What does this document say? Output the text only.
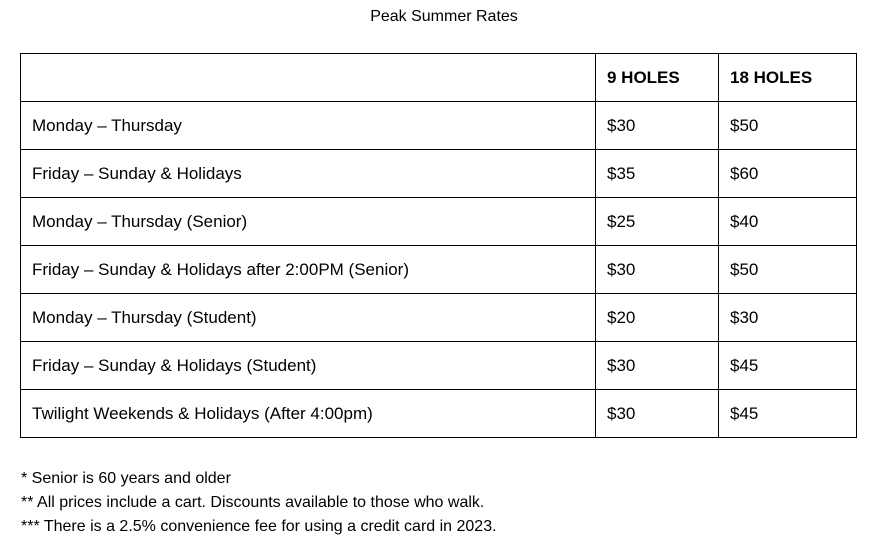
Peak Summer Rates
	9 HOLES	18 HOLES
Monday – Thursday	$30	$50
Friday – Sunday & Holidays	$35	$60
Monday – Thursday (Senior)	$25	$40
Friday – Sunday & Holidays after 2:00PM (Senior)	$30	$50
Monday – Thursday (Student)	$20	$30
Friday – Sunday & Holidays (Student)	$30	$45
Twilight Weekends & Holidays (After 4:00pm)	$30	$45
* Senior is 60 years and older
** All prices include a cart. Discounts available to those who walk.
*** There is a 2.5% convenience fee for using a credit card in 2023.
